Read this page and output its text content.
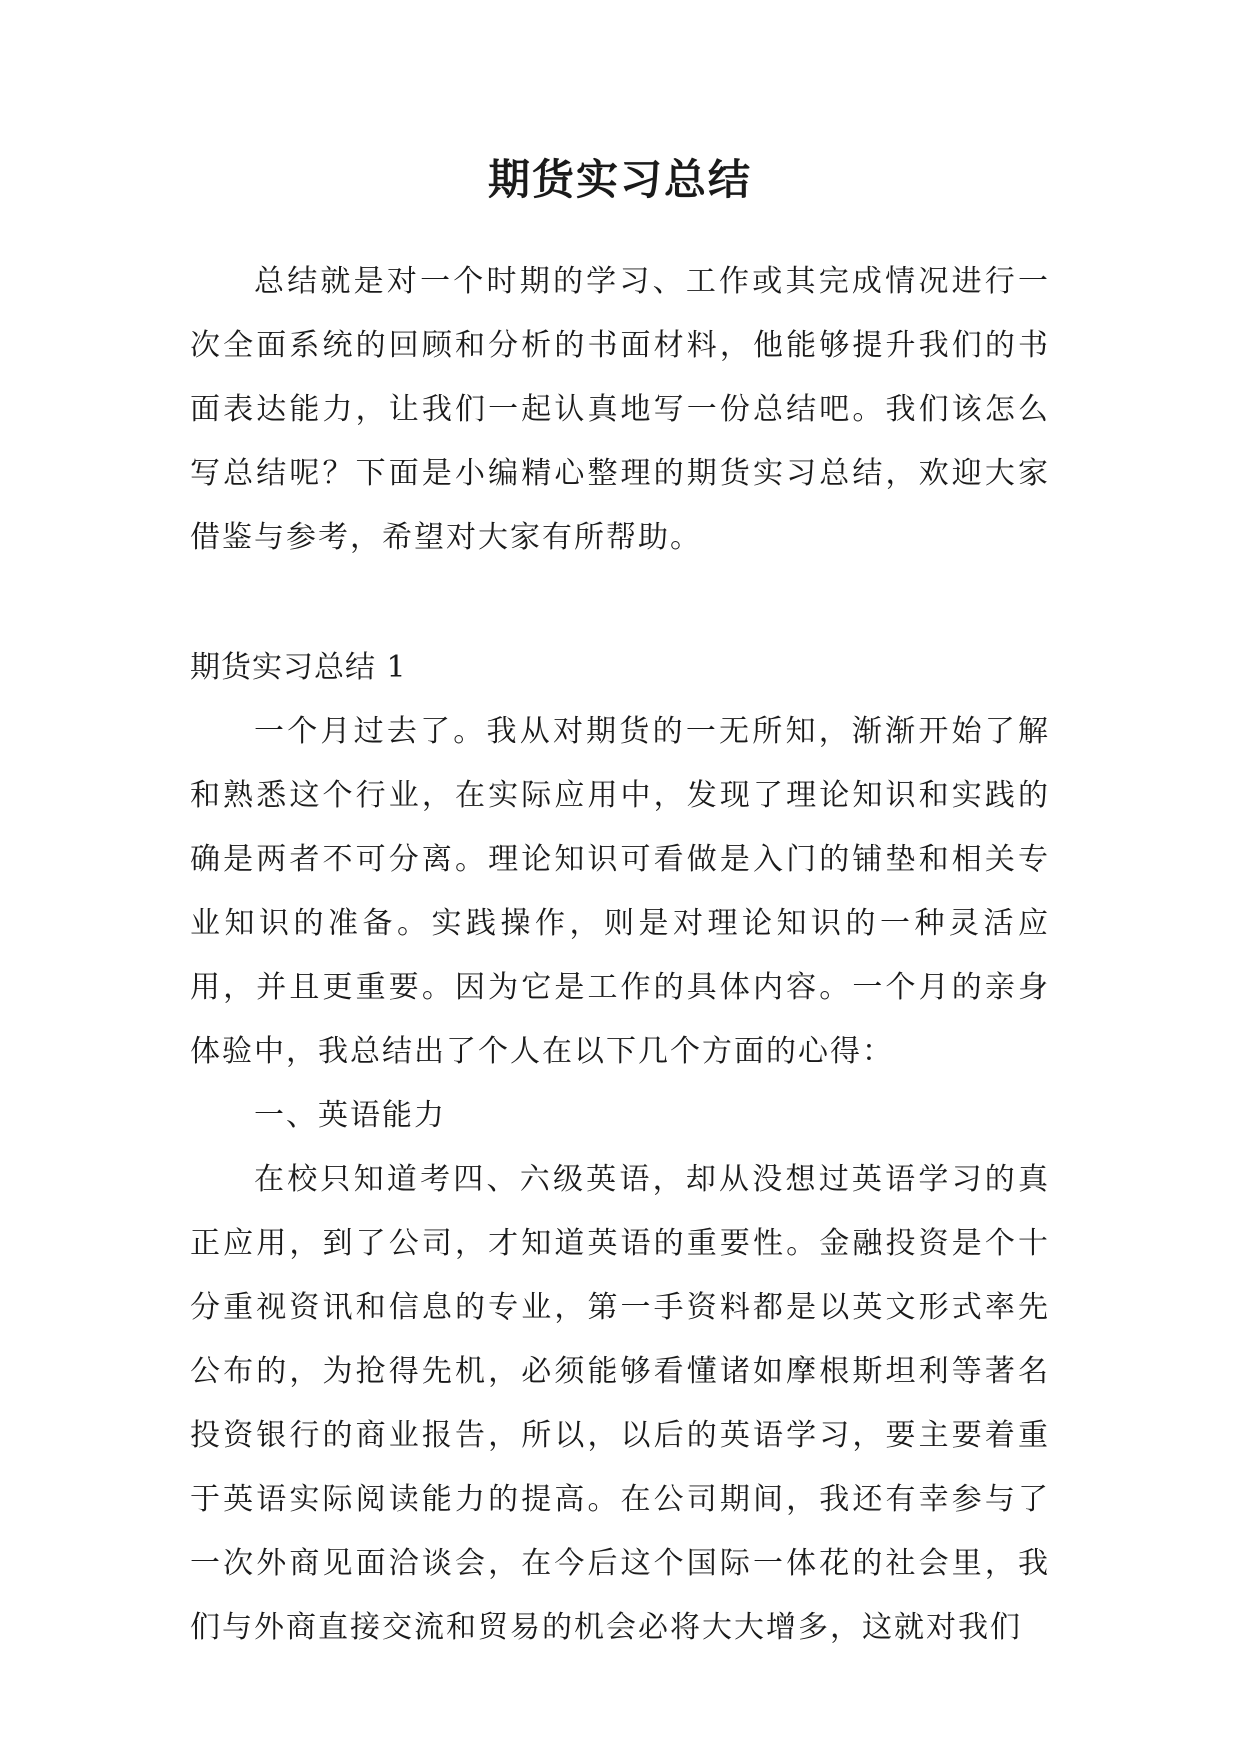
期货实习总结

总结就是对一个时期的学习、工作或其完成情况进行一次全面系统的回顾和分析的书面材料，他能够提升我们的书面表达能力，让我们一起认真地写一份总结吧。我们该怎么写总结呢？下面是小编精心整理的期货实习总结，欢迎大家借鉴与参考，希望对大家有所帮助。

期货实习总结 1

一个月过去了。我从对期货的一无所知，渐渐开始了解和熟悉这个行业，在实际应用中，发现了理论知识和实践的确是两者不可分离。理论知识可看做是入门的铺垫和相关专业知识的准备。实践操作，则是对理论知识的一种灵活应用，并且更重要。因为它是工作的具体内容。一个月的亲身体验中，我总结出了个人在以下几个方面的心得：

一、英语能力

在校只知道考四、六级英语，却从没想过英语学习的真正应用，到了公司，才知道英语的重要性。金融投资是个十分重视资讯和信息的专业，第一手资料都是以英文形式率先公布的，为抢得先机，必须能够看懂诸如摩根斯坦利等著名投资银行的商业报告，所以，以后的英语学习，要主要着重于英语实际阅读能力的提高。在公司期间，我还有幸参与了一次外商见面洽谈会，在今后这个国际一体花的社会里，我们与外商直接交流和贸易的机会必将大大增多，这就对我们
